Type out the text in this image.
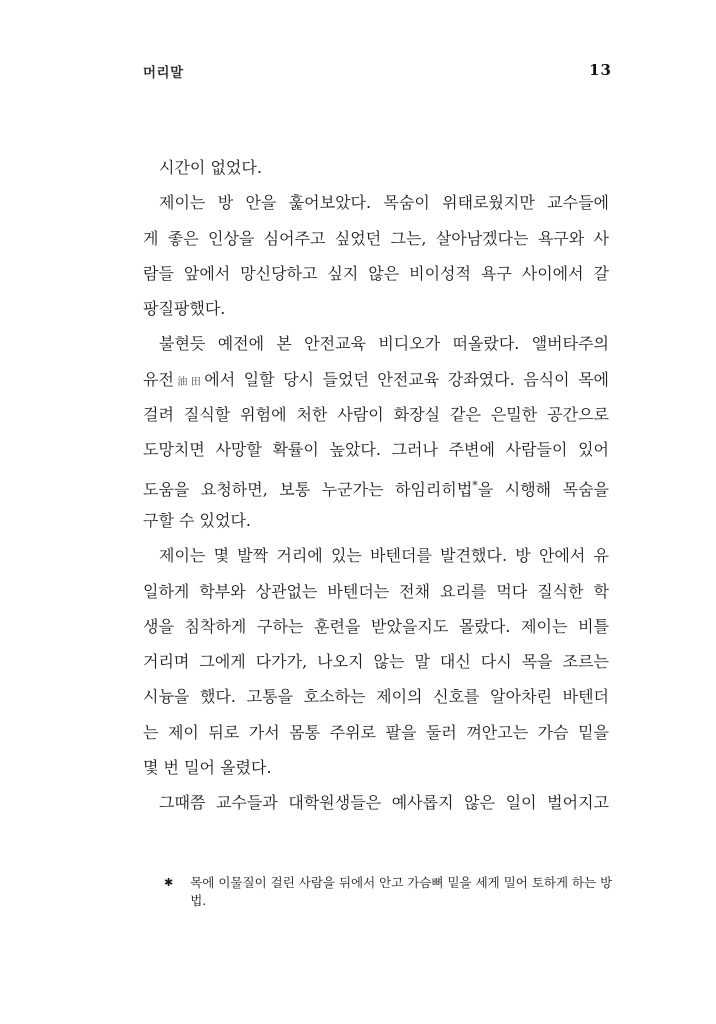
머리말	13
시간이 없었다.
제이는 방 안을 훑어보았다. 목숨이 위태로웠지만 교수들에
게 좋은 인상을 심어주고 싶었던 그는, 살아남겠다는 욕구와 사
람들 앞에서 망신당하고 싶지 않은 비이성적 욕구 사이에서 갈
팡질팡했다.
불현듯 예전에 본 안전교육 비디오가 떠올랐다. 앨버타주의
유전油田에서 일할 당시 들었던 안전교육 강좌였다. 음식이 목에
걸려 질식할 위험에 처한 사람이 화장실 같은 은밀한 공간으로
도망치면 사망할 확률이 높았다. 그러나 주변에 사람들이 있어
도움을 요청하면, 보통 누군가는 하임리히법*을 시행해 목숨을
구할 수 있었다.
제이는 몇 발짝 거리에 있는 바텐더를 발견했다. 방 안에서 유
일하게 학부와 상관없는 바텐더는 전채 요리를 먹다 질식한 학
생을 침착하게 구하는 훈련을 받았을지도 몰랐다. 제이는 비틀
거리며 그에게 다가가, 나오지 않는 말 대신 다시 목을 조르는
시늉을 했다. 고통을 호소하는 제이의 신호를 알아차린 바텐더
는 제이 뒤로 가서 몸통 주위로 팔을 둘러 껴안고는 가슴 밑을
몇 번 밀어 올렸다.
그때쯤 교수들과 대학원생들은 예사롭지 않은 일이 벌어지고
✱ 목에 이물질이 걸린 사람을 뒤에서 안고 가슴뼈 밑을 세게 밀어 토하게 하는 방법.
